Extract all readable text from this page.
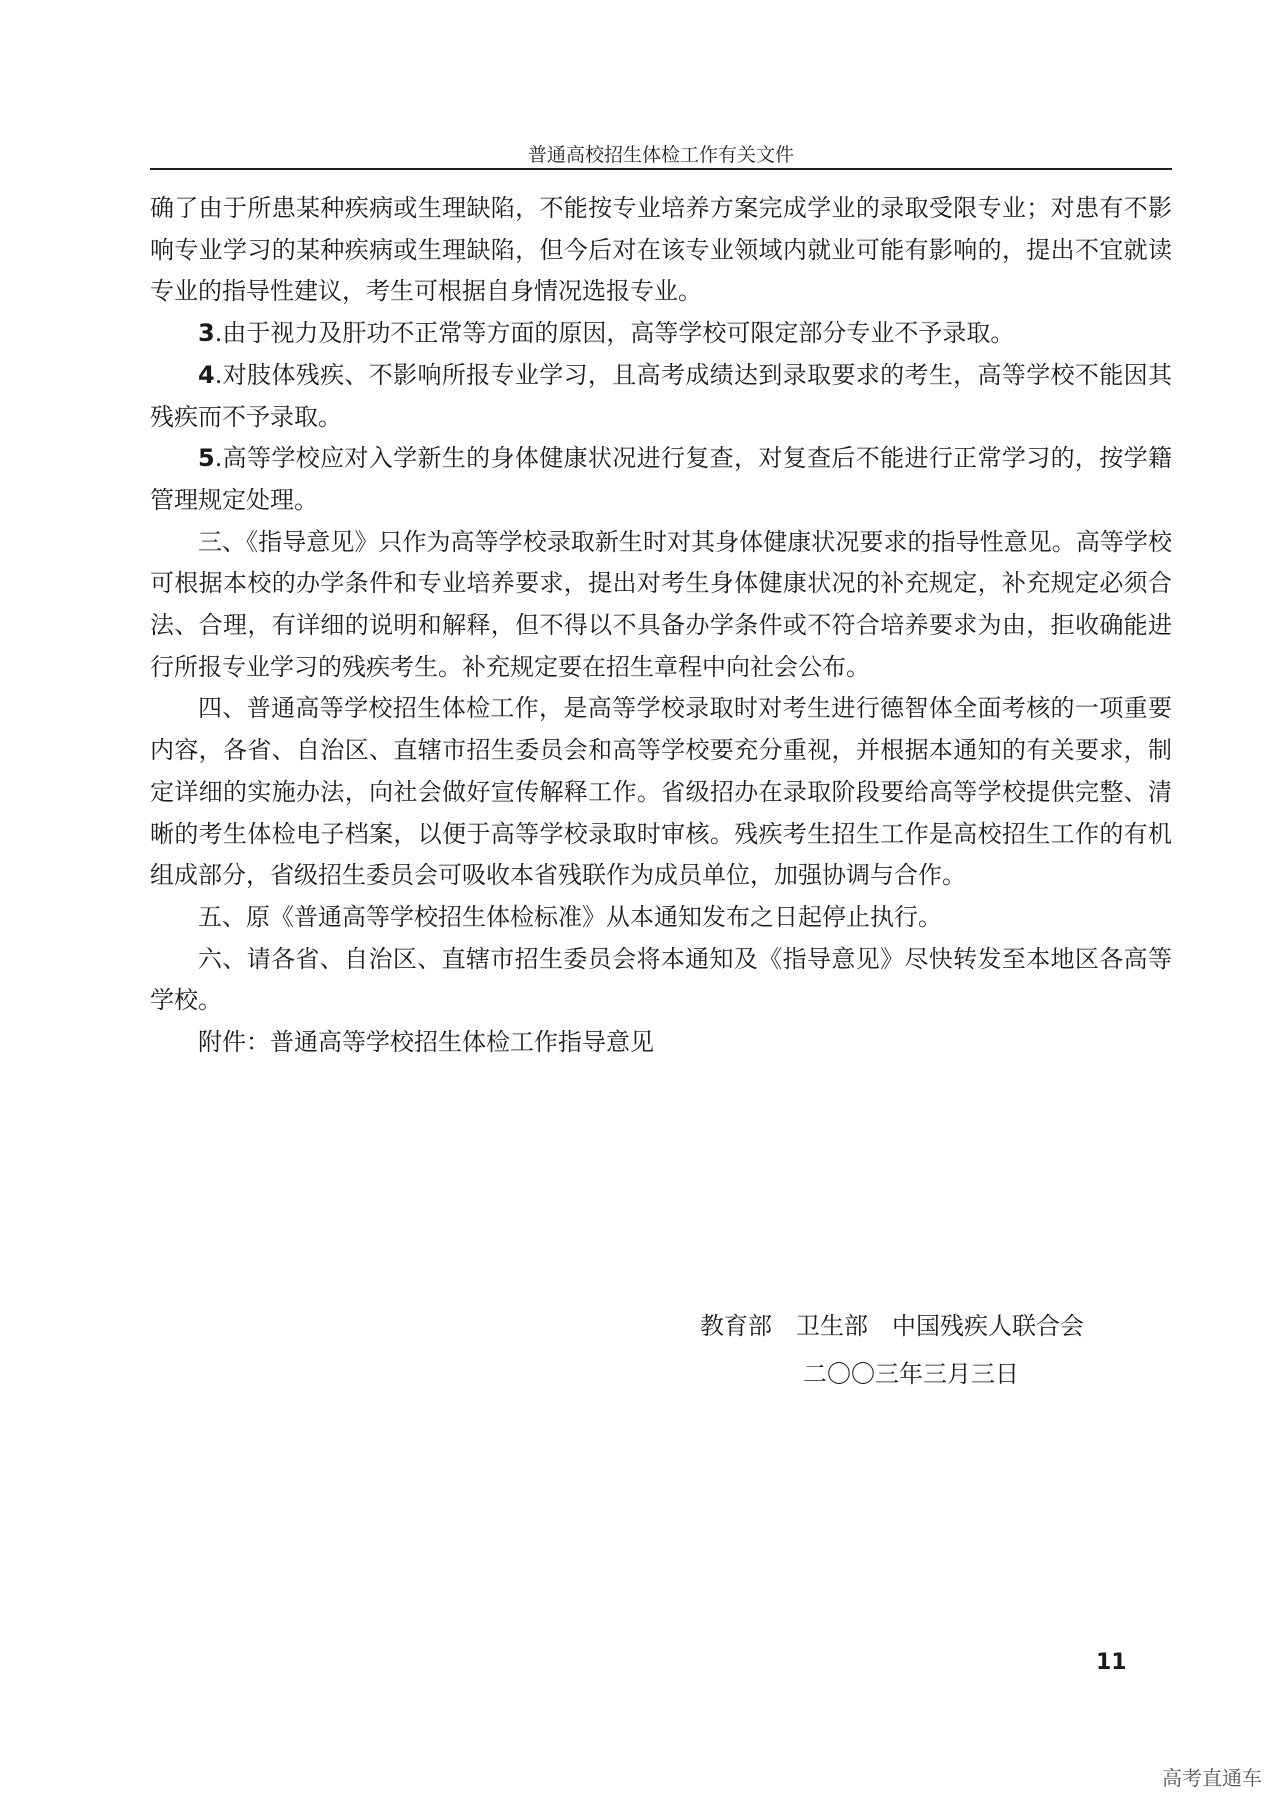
普通高校招生体检工作有关文件

确了由于所患某种疾病或生理缺陷，不能按专业培养方案完成学业的录取受限专业；对患有不影响专业学习的某种疾病或生理缺陷，但今后对在该专业领域内就业可能有影响的，提出不宜就读专业的指导性建议，考生可根据自身情况选报专业。

3.由于视力及肝功不正常等方面的原因，高等学校可限定部分专业不予录取。

4.对肢体残疾、不影响所报专业学习，且高考成绩达到录取要求的考生，高等学校不能因其残疾而不予录取。

5.高等学校应对入学新生的身体健康状况进行复查，对复查后不能进行正常学习的，按学籍管理规定处理。

三、《指导意见》只作为高等学校录取新生时对其身体健康状况要求的指导性意见。高等学校可根据本校的办学条件和专业培养要求，提出对考生身体健康状况的补充规定，补充规定必须合法、合理，有详细的说明和解释，但不得以不具备办学条件或不符合培养要求为由，拒收确能进行所报专业学习的残疾考生。补充规定要在招生章程中向社会公布。

四、普通高等学校招生体检工作，是高等学校录取时对考生进行德智体全面考核的一项重要内容，各省、自治区、直辖市招生委员会和高等学校要充分重视，并根据本通知的有关要求，制定详细的实施办法，向社会做好宣传解释工作。省级招办在录取阶段要给高等学校提供完整、清晰的考生体检电子档案，以便于高等学校录取时审核。残疾考生招生工作是高校招生工作的有机组成部分，省级招生委员会可吸收本省残联作为成员单位，加强协调与合作。

五、原《普通高等学校招生体检标准》从本通知发布之日起停止执行。

六、请各省、自治区、直辖市招生委员会将本通知及《指导意见》尽快转发至本地区各高等学校。

附件：普通高等学校招生体检工作指导意见

教育部　卫生部　中国残疾人联合会
二〇〇三年三月三日
11
高考直通车
